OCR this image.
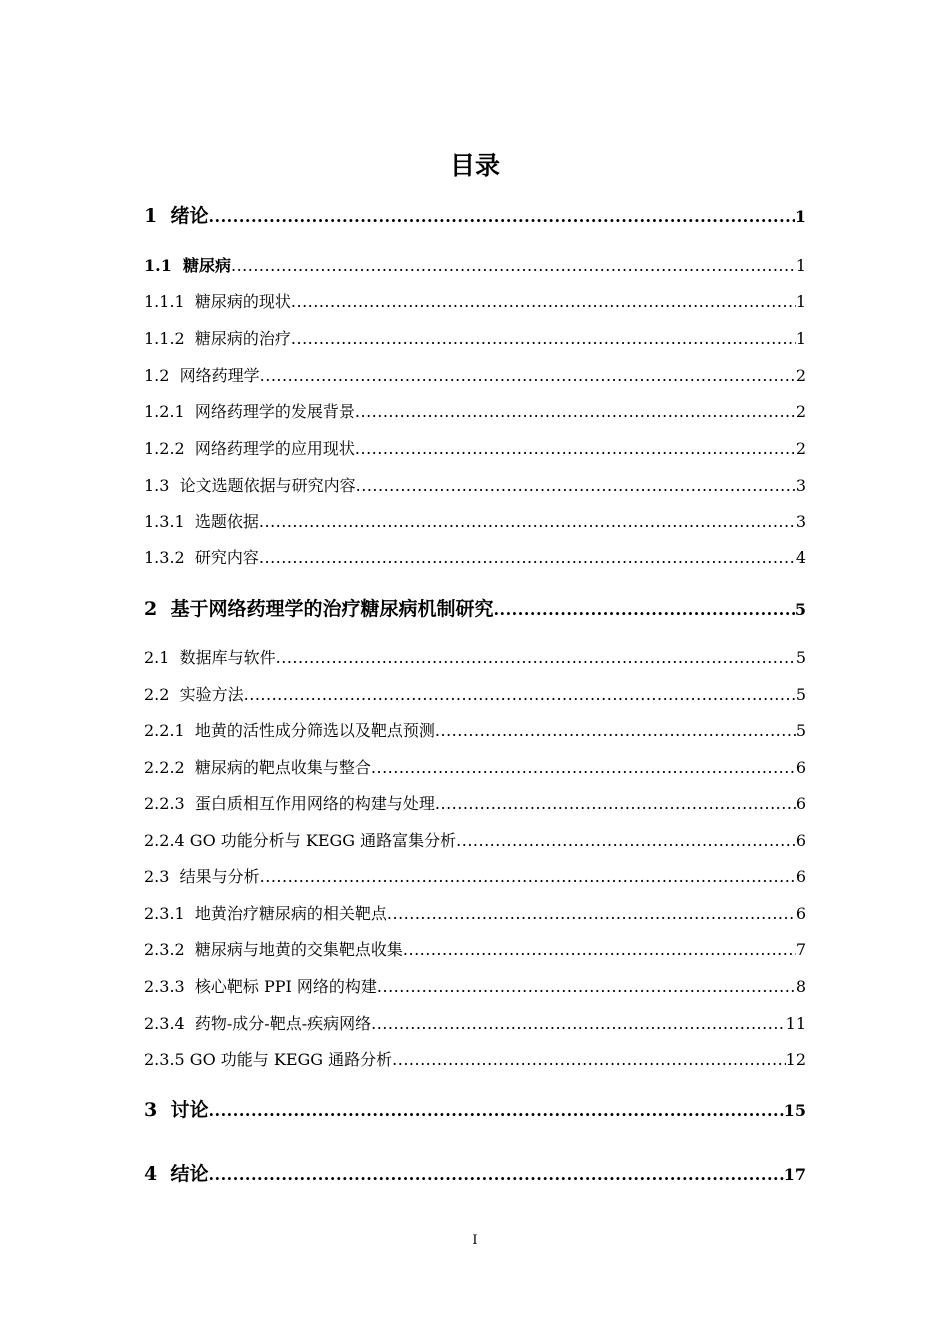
目录
1 绪论 .....	1
1.1 糖尿病 .....	1
1.1.1 糖尿病的现状 .....	1
1.1.2 糖尿病的治疗 .....	1
1.2 网络药理学 .....	2
1.2.1 网络药理学的发展背景 .....	2
1.2.2 网络药理学的应用现状 .....	2
1.3 论文选题依据与研究内容 .....	3
1.3.1 选题依据 .....	3
1.3.2 研究内容 .....	4
2 基于网络药理学的治疗糖尿病机制研究 .....	5
2.1 数据库与软件 .....	5
2.2 实验方法 .....	5
2.2.1 地黄的活性成分筛选以及靶点预测 .....	5
2.2.2 糖尿病的靶点收集与整合 .....	6
2.2.3 蛋白质相互作用网络的构建与处理 .....	6
2.2.4 GO 功能分析与 KEGG 通路富集分析 .....	6
2.3 结果与分析 .....	6
2.3.1 地黄治疗糖尿病的相关靶点 .....	6
2.3.2 糖尿病与地黄的交集靶点收集 .....	7
2.3.3 核心靶标 PPI 网络的构建 .....	8
2.3.4 药物-成分-靶点-疾病网络 .....	11
2.3.5 GO 功能与 KEGG 通路分析 .....	12
3 讨论 .....	15
4 结论 .....	17
I
